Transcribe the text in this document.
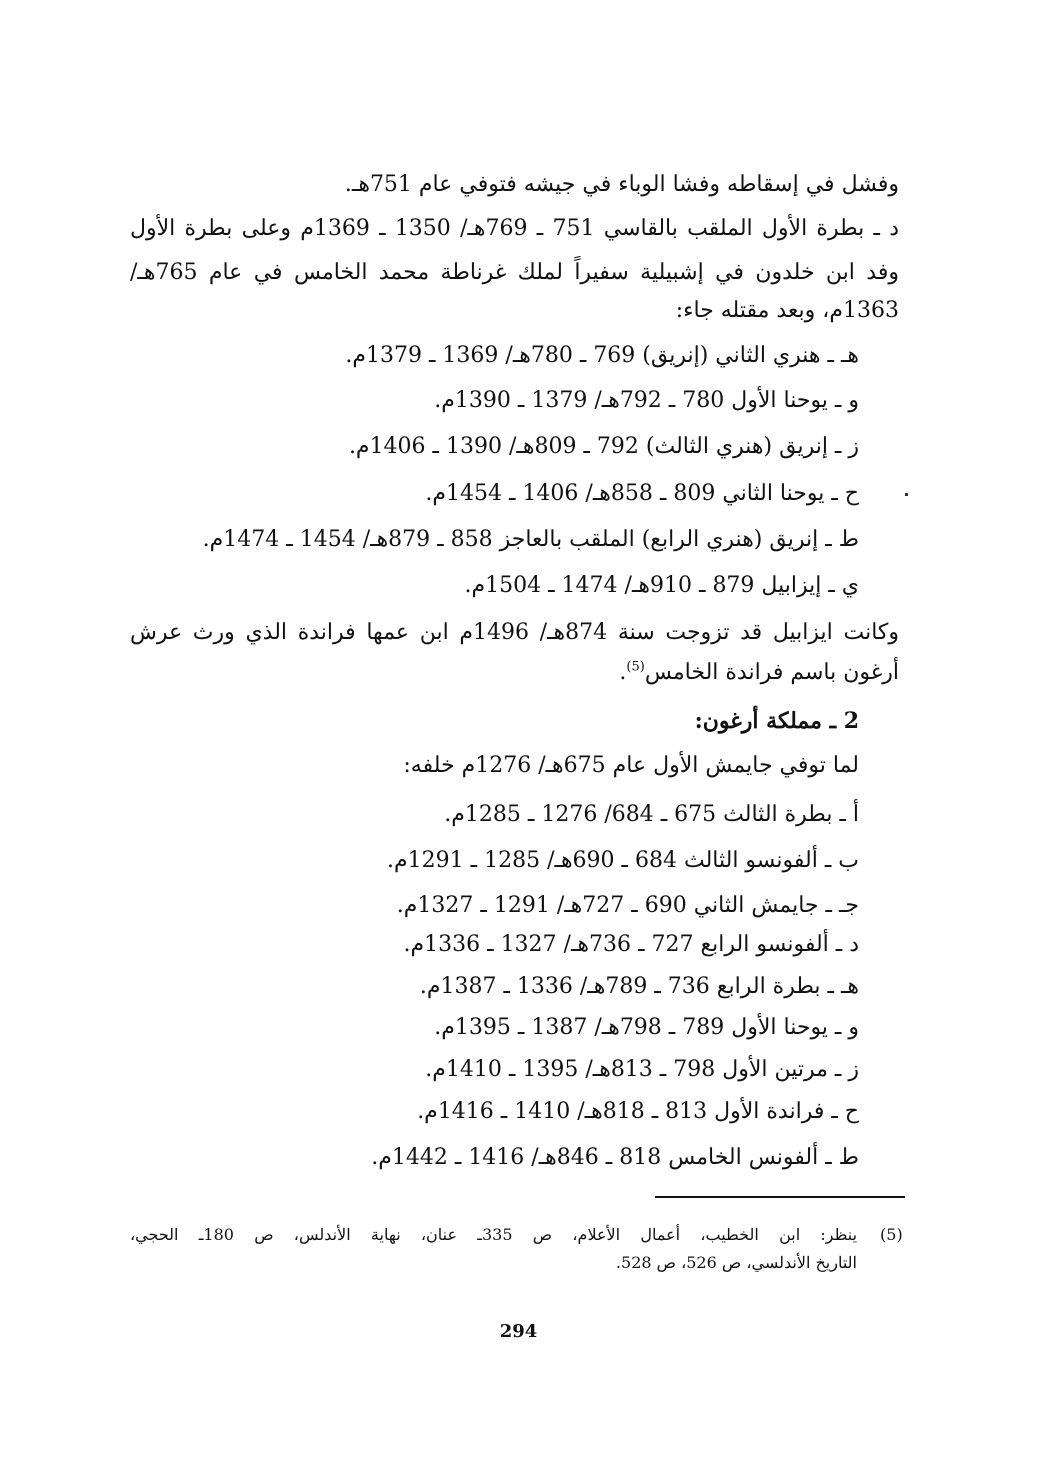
وفشل في إسقاطه وفشا الوباء في جيشه فتوفي عام 751هـ.
د ـ بطرة الأول الملقب بالقاسي 751 ـ 769هـ/ 1350 ـ 1369م وعلى بطرة الأول
وفد ابن خلدون في إشبيلية سفيراً لملك غرناطة محمد الخامس في عام 765هـ/
1363م، وبعد مقتله جاء:
هـ ـ هنري الثاني (إنريق) 769 ـ 780هـ/ 1369 ـ 1379م.
و ـ يوحنا الأول 780 ـ 792هـ/ 1379 ـ 1390م.
ز ـ إنريق (هنري الثالث) 792 ـ 809هـ/ 1390 ـ 1406م.
ح ـ يوحنا الثاني 809 ـ 858هـ/ 1406 ـ 1454م.
ط ـ إنريق (هنري الرابع) الملقب بالعاجز 858 ـ 879هـ/ 1454 ـ 1474م.
ي ـ إيزابيل 879 ـ 910هـ/ 1474 ـ 1504م.
وكانت ايزابيل قد تزوجت سنة 874هـ/ 1496م ابن عمها فراندة الذي ورث عرش
أرغون باسم فراندة الخامس$^{(5)}$.
2 ـ مملكة أرغون:
لما توفي جايمش الأول عام 675هـ/ 1276م خلفه:
أ ـ بطرة الثالث 675 ـ 684/ 1276 ـ 1285م.
ب ـ ألفونسو الثالث 684 ـ 690هـ/ 1285 ـ 1291م.
جـ ـ جايمش الثاني 690 ـ 727هـ/ 1291 ـ 1327م.
د ـ ألفونسو الرابع 727 ـ 736هـ/ 1327 ـ 1336م.
هـ ـ بطرة الرابع 736 ـ 789هـ/ 1336 ـ 1387م.
و ـ يوحنا الأول 789 ـ 798هـ/ 1387 ـ 1395م.
ز ـ مرتين الأول 798 ـ 813هـ/ 1395 ـ 1410م.
ح ـ فراندة الأول 813 ـ 818هـ/ 1410 ـ 1416م.
ط ـ ألفونس الخامس 818 ـ 846هـ/ 1416 ـ 1442م.
(5)
ينظر: ابن الخطيب، أعمال الأعلام، ص 335ـ عنان، نهاية الأندلس، ص 180ـ الحجي،
التاريخ الأندلسي، ص 526، ص 528.
294
